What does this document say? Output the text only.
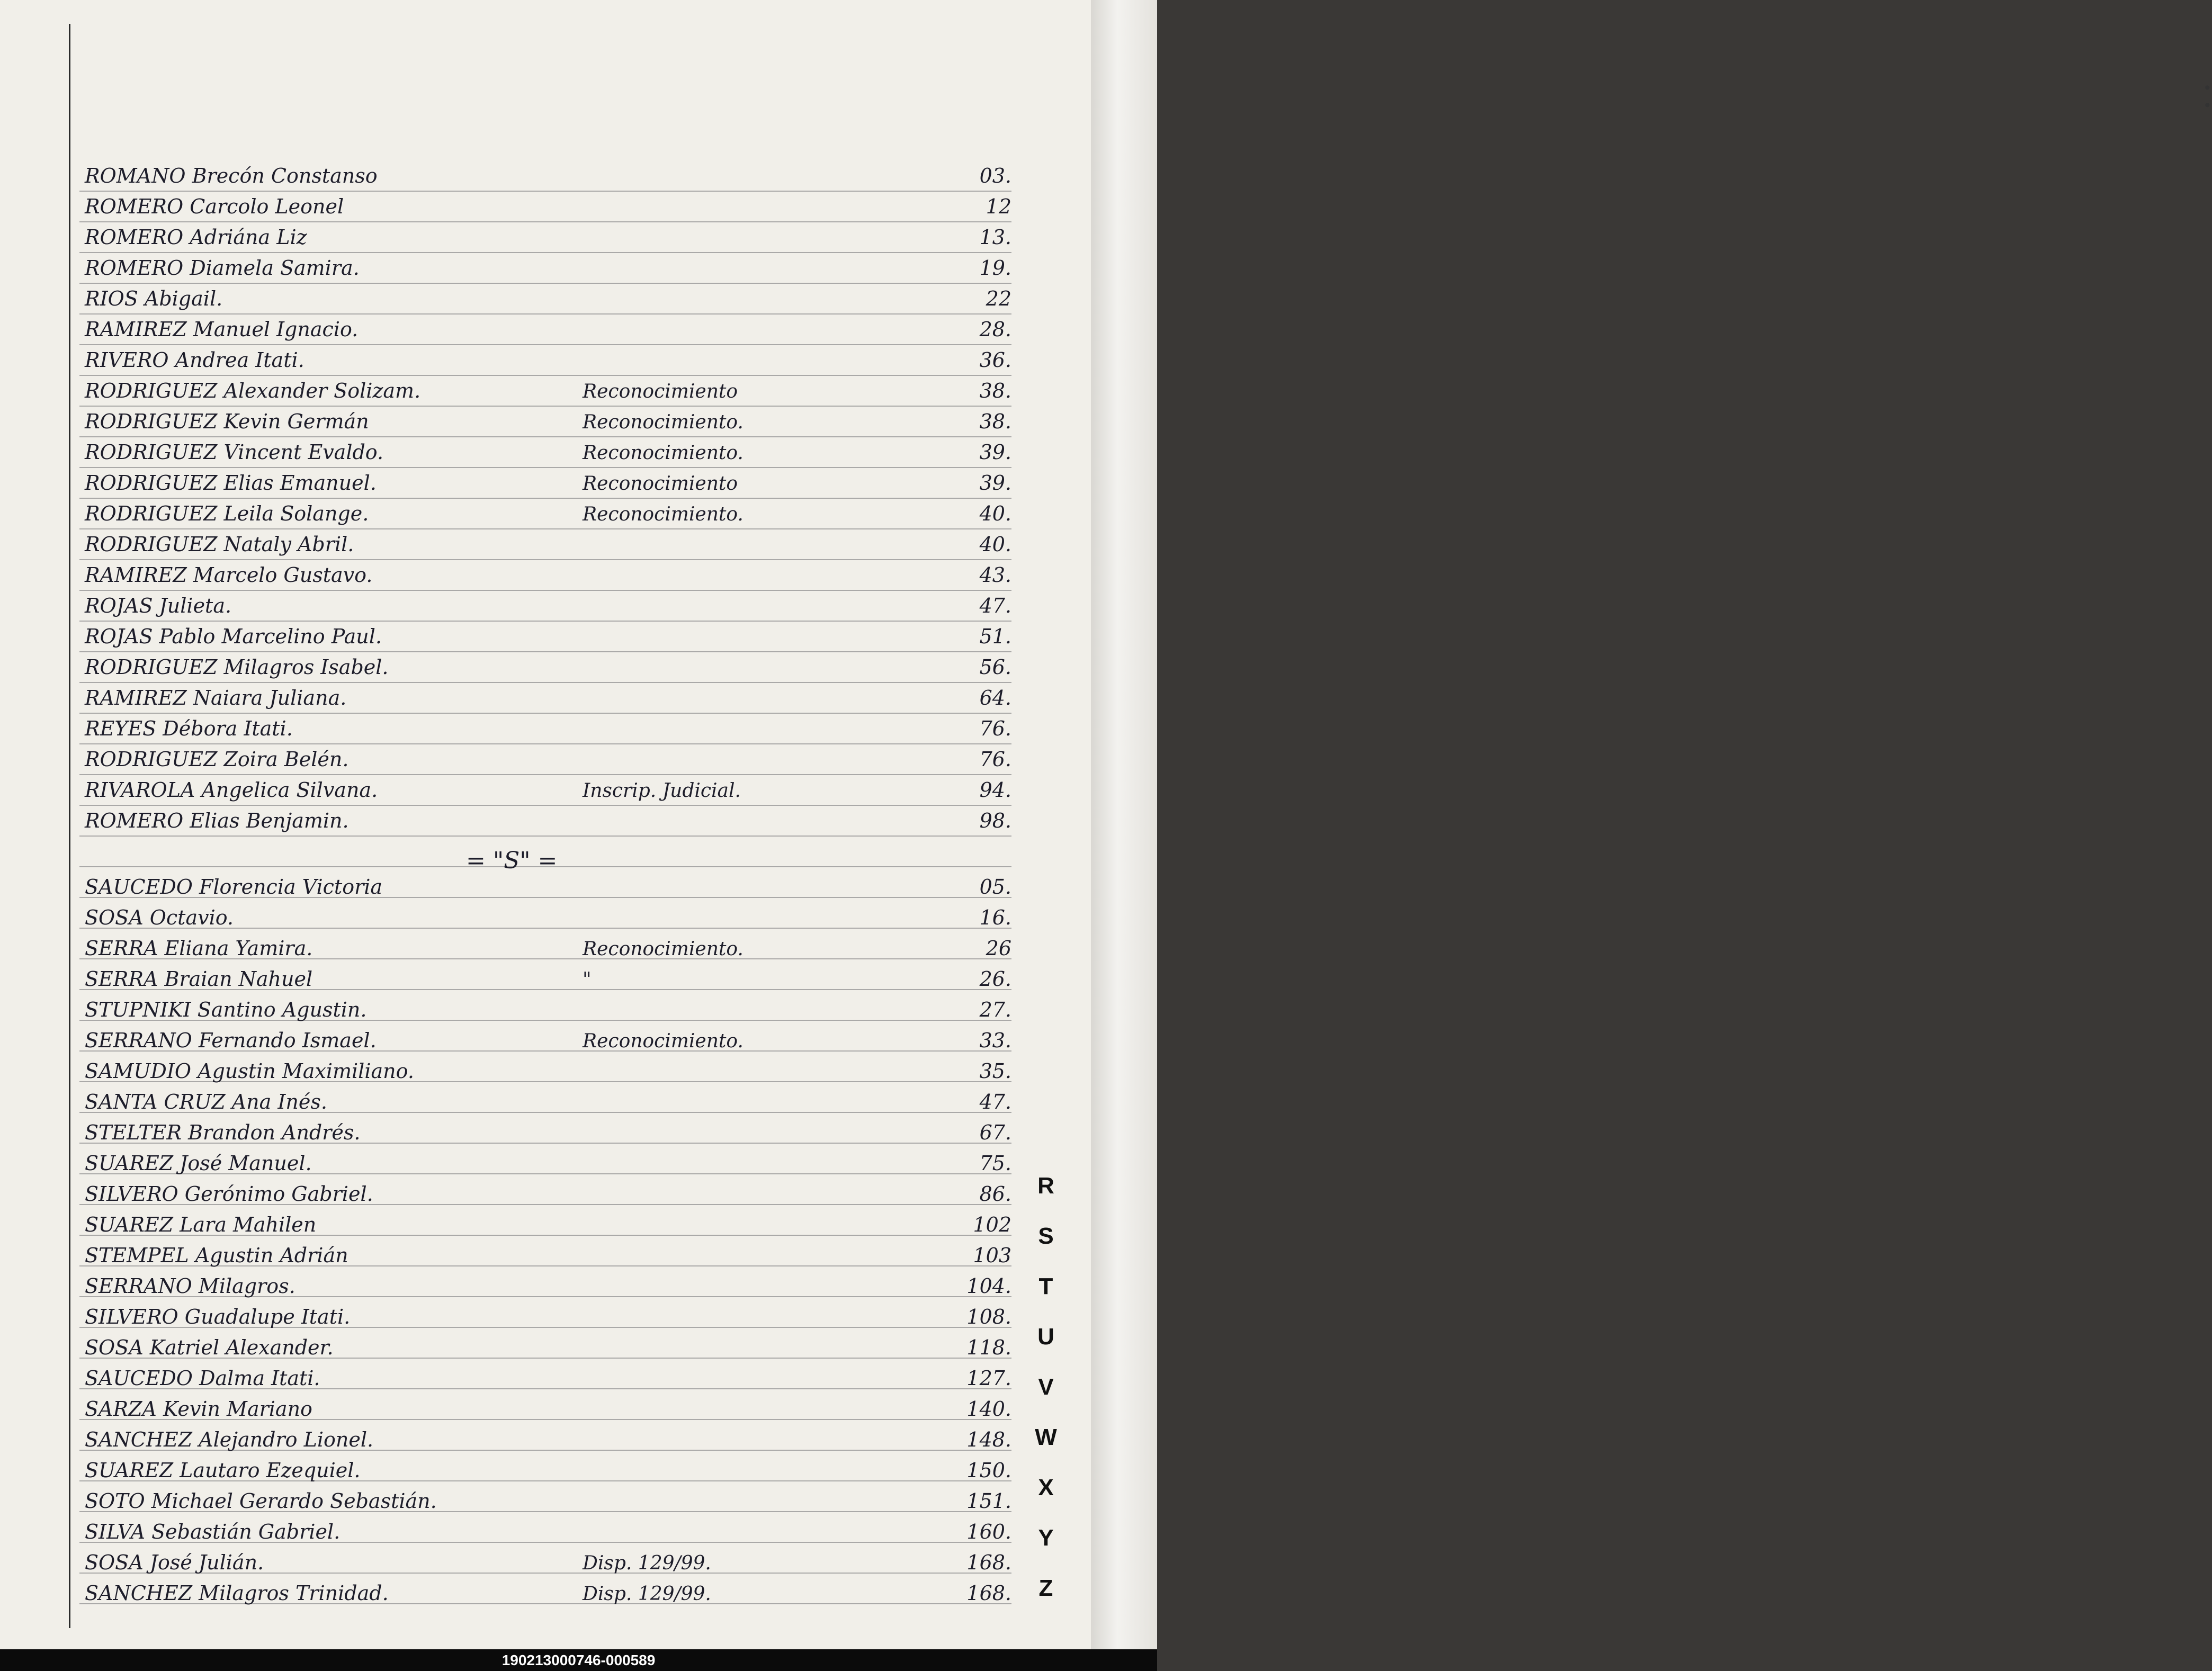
= "S" =
ROMANO Brecón Constanso	03.
ROMERO Carcolo Leonel	12
ROMERO Adriána Liz	13.
ROMERO Diamela Samira.	19.
RIOS Abigail.	22
RAMIREZ Manuel Ignacio.	28.
RIVERO Andrea Itati.	36.
RODRIGUEZ Alexander Solizam.	Reconocimiento	38.
RODRIGUEZ Kevin Germán	Reconocimiento.	38.
RODRIGUEZ Vincent Evaldo.	Reconocimiento.	39.
RODRIGUEZ Elias Emanuel.	Reconocimiento	39.
RODRIGUEZ Leila Solange.	Reconocimiento.	40.
RODRIGUEZ Nataly Abril.	40.
RAMIREZ Marcelo Gustavo.	43.
ROJAS Julieta.	47.
ROJAS Pablo Marcelino Paul.	51.
RODRIGUEZ Milagros Isabel.	56.
RAMIREZ Naiara Juliana.	64.
REYES Débora Itati.	76.
RODRIGUEZ Zoira Belén.	76.
RIVAROLA Angelica Silvana.	Inscrip. Judicial.	94.
ROMERO Elias Benjamin.	98.
SAUCEDO Florencia Victoria	05.
SOSA Octavio.	16.
SERRA Eliana Yamira.	Reconocimiento.	26
SERRA Braian Nahuel	"	26.
STUPNIKI Santino Agustin.	27.
SERRANO Fernando Ismael.	Reconocimiento.	33.
SAMUDIO Agustin Maximiliano.	35.
SANTA CRUZ Ana Inés.	47.
STELTER Brandon Andrés.	67.
SUAREZ José Manuel.	75.
SILVERO Gerónimo Gabriel.	86.
SUAREZ Lara Mahilen	102
STEMPEL Agustin Adrián	103
SERRANO Milagros.	104.
SILVERO Guadalupe Itati.	108.
SOSA Katriel Alexander.	118.
SAUCEDO Dalma Itati.	127.
SARZA Kevin Mariano	140.
SANCHEZ Alejandro Lionel.	148.
SUAREZ Lautaro Ezequiel.	150.
SOTO Michael Gerardo Sebastián.	151.
SILVA Sebastián Gabriel.	160.
SOSA José Julián.	Disp. 129/99.	168.
SANCHEZ Milagros Trinidad.	Disp. 129/99.	168.
• •
R
S
T
U
V
W
X
Y
Z
190213000746-000589
